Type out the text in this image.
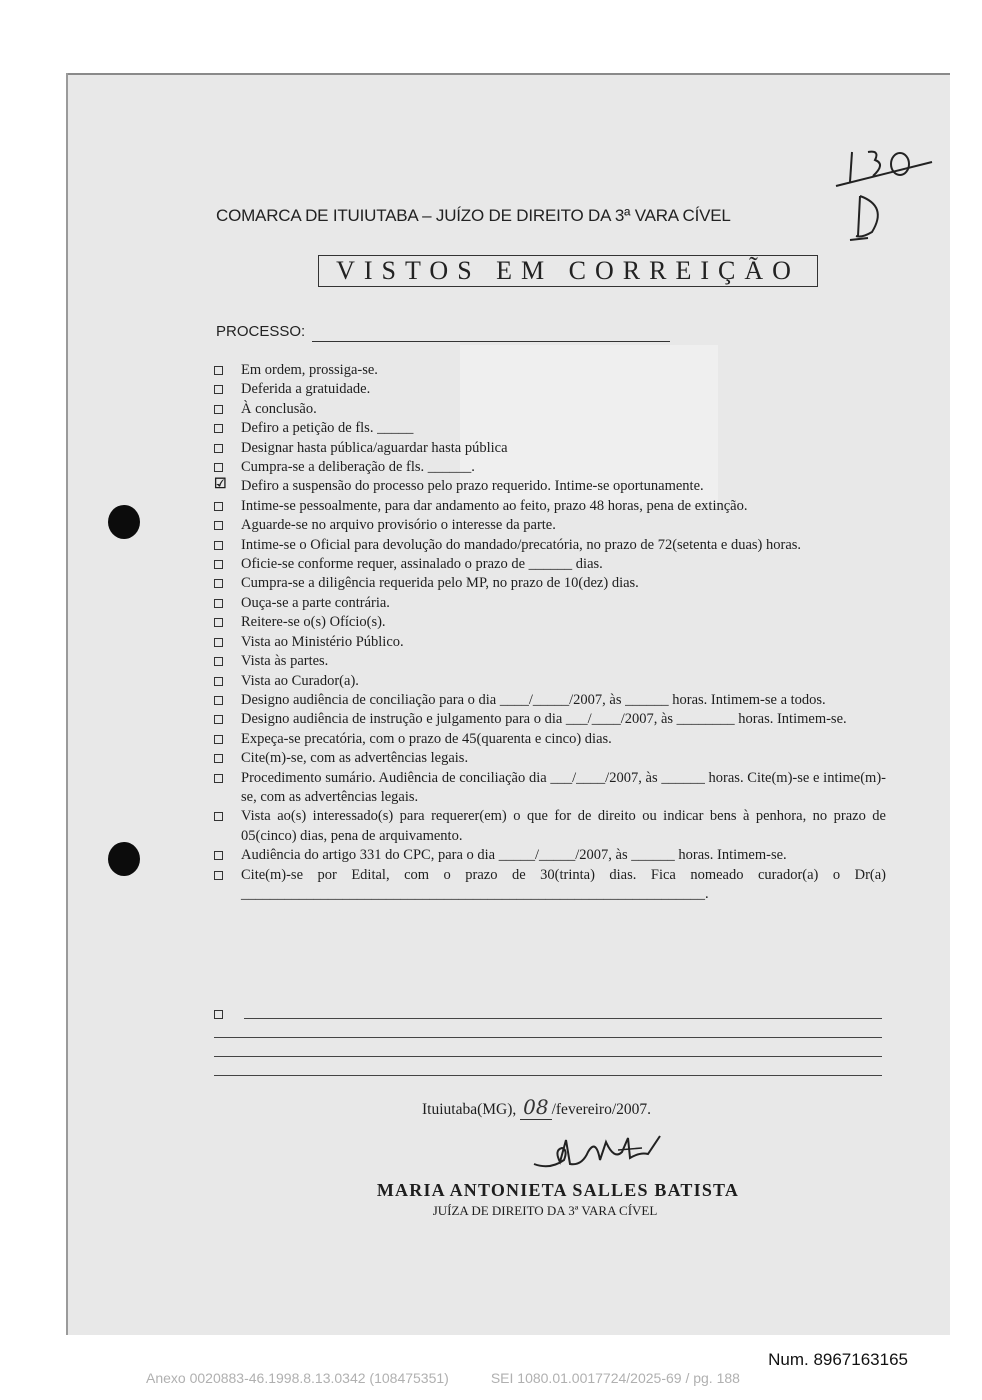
COMARCA DE ITUIUTABA – JUÍZO DE DIREITO DA 3ª VARA CÍVEL
VISTOS EM CORREIÇÃO
PROCESSO:
Em ordem, prossiga-se.
Deferida a gratuidade.
À conclusão.
Defiro a petição de fls. _____
Designar hasta pública/aguardar hasta pública
Cumpra-se a deliberação de fls. ______.
☑ Defiro a suspensão do processo pelo prazo requerido. Intime-se oportunamente.
Intime-se pessoalmente, para dar andamento ao feito, prazo 48 horas, pena de extinção.
Aguarde-se no arquivo provisório o interesse da parte.
Intime-se o Oficial para devolução do mandado/precatória, no prazo de 72(setenta e duas) horas.
Oficie-se conforme requer, assinalado o prazo de ______ dias.
Cumpra-se a diligência requerida pelo MP, no prazo de 10(dez) dias.
Ouça-se a parte contrária.
Reitere-se o(s) Ofício(s).
Vista ao Ministério Público.
Vista às partes.
Vista ao Curador(a).
Designo audiência de conciliação para o dia ____/_____/2007, às ______ horas. Intimem-se a todos.
Designo audiência de instrução e julgamento para o dia ___/____/2007, às ________ horas. Intimem-se.
Expeça-se precatória, com o prazo de 45(quarenta e cinco) dias.
Cite(m)-se, com as advertências legais.
Procedimento sumário. Audiência de conciliação dia ___/____/2007, às ______ horas. Cite(m)-se e intime(m)-se, com as advertências legais.
Vista ao(s) interessado(s) para requerer(em) o que for de direito ou indicar bens à penhora, no prazo de 05(cinco) dias, pena de arquivamento.
Audiência do artigo 331 do CPC, para o dia _____/_____/2007, às ______ horas. Intimem-se.
Cite(m)-se por Edital, com o prazo de 30(trinta) dias. Fica nomeado curador(a) o Dr(a) ________________________________________________________________.
Ituiutaba(MG), 08 /fevereiro/2007.
MARIA ANTONIETA SALLES BATISTA
JUÍZA DE DIREITO DA 3ª VARA CÍVEL
Num. 8967163165
Anexo 0020883-46.1998.8.13.0342 (108475351)	SEI 1080.01.0017724/2025-69 / pg. 188
